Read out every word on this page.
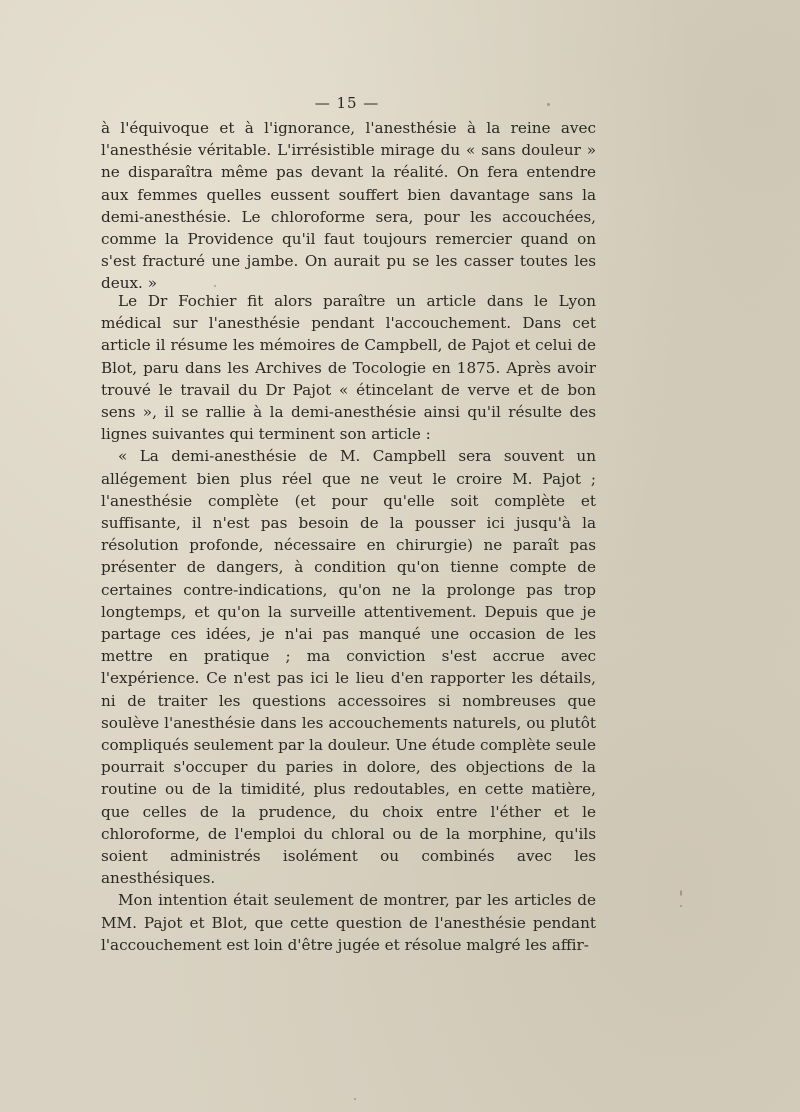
— 15 —

à l'équivoque et à l'ignorance, l'anesthésie à la reine avec l'anesthésie véritable. L'irrésistible mirage du « sans douleur » ne disparaîtra même pas devant la réalité. On fera entendre aux femmes quelles eussent souffert bien davantage sans la demi-anesthésie. Le chloroforme sera, pour les accouchées, comme la Providence qu'il faut toujours remercier quand on s'est fracturé une jambe. On aurait pu se les casser toutes les deux. »

Le Dr Fochier fit alors paraître un article dans le Lyon médical sur l'anesthésie pendant l'accouchement. Dans cet article il résume les mémoires de Campbell, de Pajot et celui de Blot, paru dans les Archives de Tocologie en 1875. Après avoir trouvé le travail du Dr Pajot « étincelant de verve et de bon sens », il se rallie à la demi-anesthésie ainsi qu'il résulte des lignes suivantes qui terminent son article :

« La demi-anesthésie de M. Campbell sera souvent un allégement bien plus réel que ne veut le croire M. Pajot ; l'anesthésie complète (et pour qu'elle soit complète et suffisante, il n'est pas besoin de la pousser ici jusqu'à la résolution profonde, nécessaire en chirurgie) ne paraît pas présenter de dangers, à condition qu'on tienne compte de certaines contre-indications, qu'on ne la prolonge pas trop longtemps, et qu'on la surveille attentivement. Depuis que je partage ces idées, je n'ai pas manqué une occasion de les mettre en pratique ; ma conviction s'est accrue avec l'expérience. Ce n'est pas ici le lieu d'en rapporter les détails, ni de traiter les questions accessoires si nombreuses que soulève l'anesthésie dans les accouchements naturels, ou plutôt compliqués seulement par la douleur. Une étude complète seule pourrait s'occuper du paries in dolore, des objections de la routine ou de la timidité, plus redoutables, en cette matière, que celles de la prudence, du choix entre l'éther et le chloroforme, de l'emploi du chloral ou de la morphine, qu'ils soient administrés isolément ou combinés avec les anesthésiques.

Mon intention était seulement de montrer, par les articles de MM. Pajot et Blot, que cette question de l'anesthésie pendant l'accouchement est loin d'être jugée et résolue malgré les affir-
